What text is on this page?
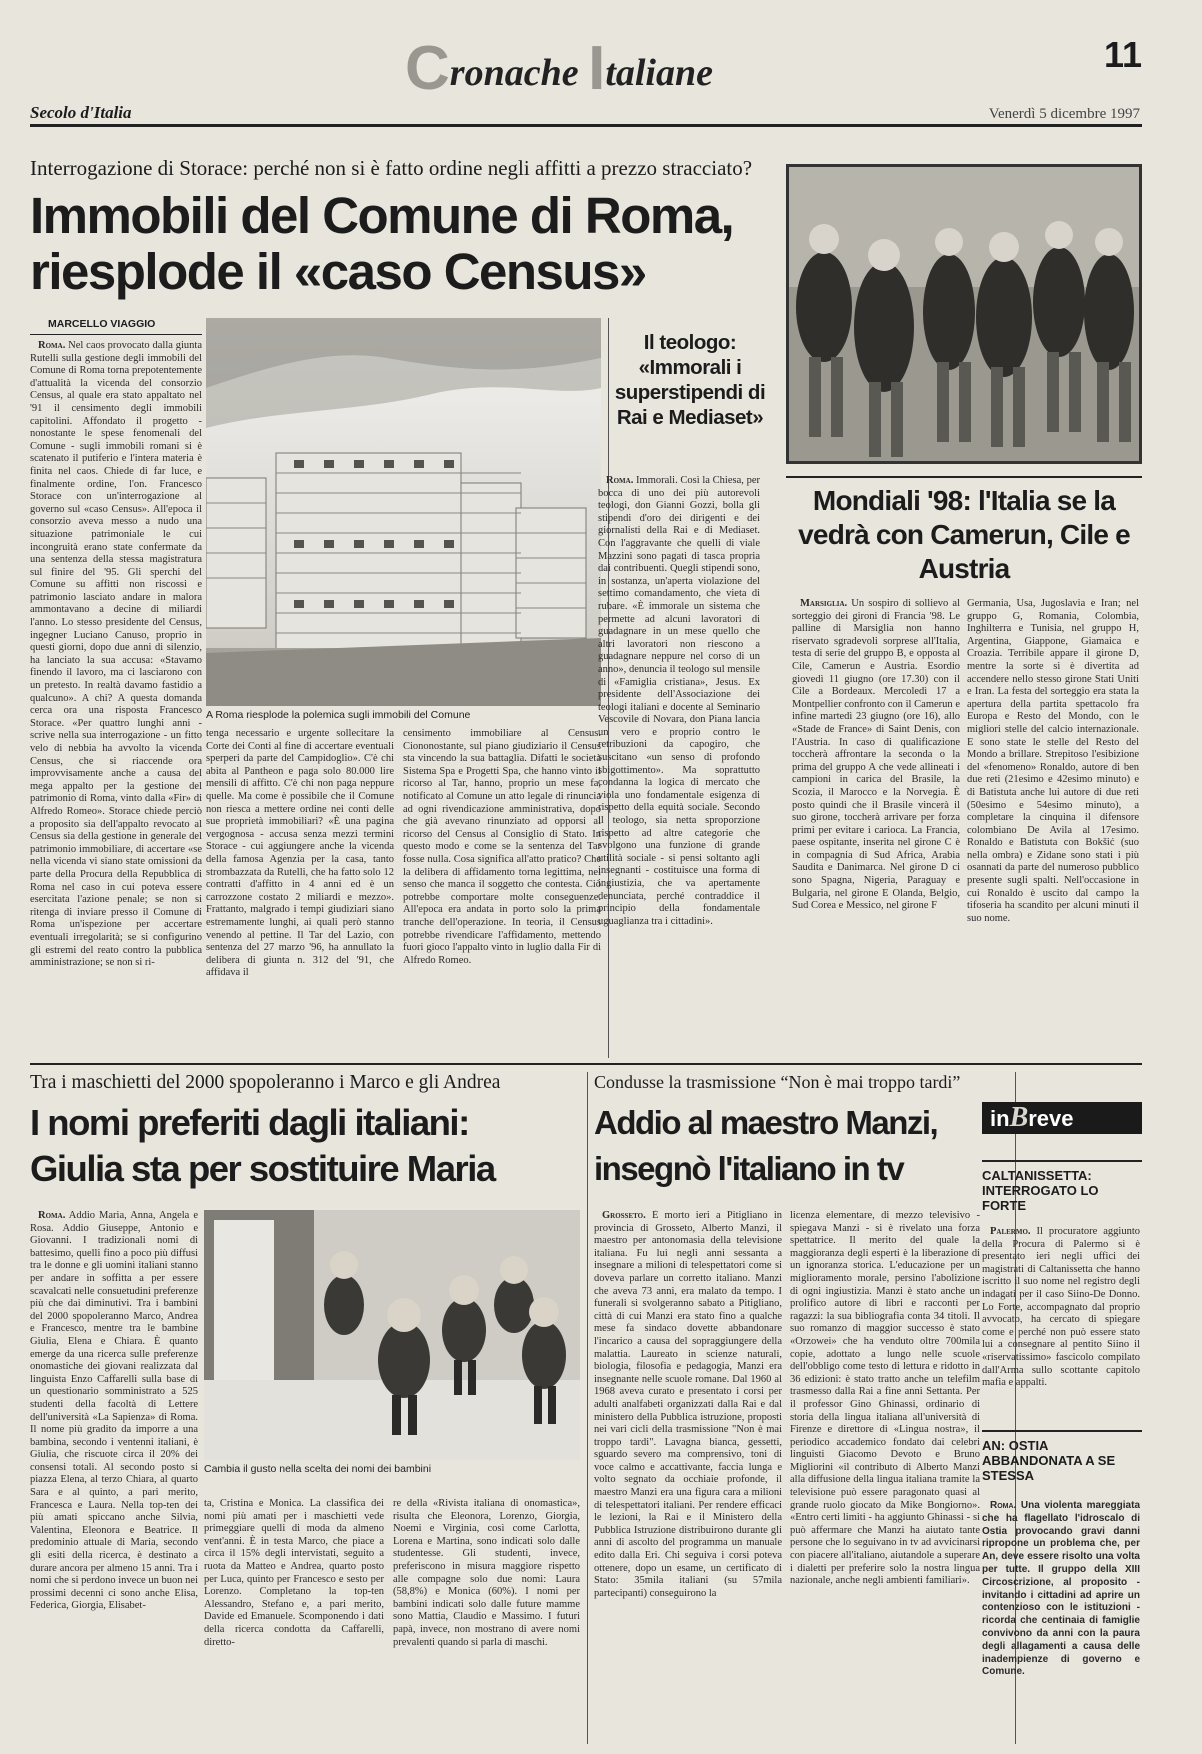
Cronache Italiane	11
Secolo d'Italia	Venerdì 5 dicembre 1997
Interrogazione di Storace: perché non si è fatto ordine negli affitti a prezzo stracciato?
Immobili del Comune di Roma,
riesplode il «caso Census»
MARCELLO VIAGGIO

Roma. Nel caos provocato dalla giunta Rutelli sulla gestione degli immobili del Comune di Roma torna prepotentemente d'attualità la vicenda del consorzio Census, al quale era stato appaltato nel '91 il censimento degli immobili capitolini. Affondato il progetto - nonostante le spese fenomenali del Comune - sugli immobili romani si è scatenato il putiferio e l'intera materia è finita nel caos. Chiede di far luce, e finalmente ordine, l'on. Francesco Storace con un'interrogazione al governo sul «caso Census». All'epoca il consorzio aveva messo a nudo una situazione patrimoniale le cui incongruità erano state confermate da una sentenza della stessa magistratura sul finire del '95. Gli sperchi del Comune su affitti non riscossi e patrimonio lasciato andare in malora ammontavano a decine di miliardi l'anno. Lo stesso presidente del Census, ingegner Luciano Canuso, proprio in questi giorni, dopo due anni di silenzio, ha lanciato la sua accusa: «Stavamo finendo il lavoro, ma ci lasciarono con un pretesto. In realtà davamo fastidio a qualcuno». A chi? A questa domanda cerca ora una risposta Francesco Storace. «Per quattro lunghi anni - scrive nella sua interrogazione - un fitto velo di nebbia ha avvolto la vicenda Census, che si riaccende ora improvvisamente anche a causa del mega appalto per la gestione del patrimonio di Roma, vinto dalla «Fir» di Alfredo Romeo». Storace chiede perciò a proposito sia dell'appalto revocato al Census sia della gestione in generale del patrimonio immobiliare, di accertare «se nella vicenda vi siano state omissioni da parte della Procura della Repubblica di Roma nel caso in cui poteva essere esercitata l'azione penale; se non si ritenga di inviare presso il Comune di Roma un'ispezione per accertare eventuali irregolarità; se si configurino gli estremi del reato contro la pubblica amministrazione; se non si ri-

A Roma riesplode la polemica sugli immobili del Comune
tenga necessario e urgente sollecitare la Corte dei Conti al fine di accertare eventuali sperperi da parte del Campidoglio». C'è chi abita al Pantheon e paga solo 80.000 lire mensili di affitto. C'è chi non paga neppure quelle. Ma come è possibile che il Comune non riesca a mettere ordine nei conti delle sue proprietà immobiliari? «È una pagina vergognosa - accusa senza mezzi termini Storace - cui aggiungere anche la vicenda della famosa Agenzia per la casa, tanto strombazzata da Rutelli, che ha fatto solo 12 contratti d'affitto in 4 anni ed è un carrozzone costato 2 miliardi e mezzo». Frattanto, malgrado i tempi giudiziari siano estremamente lunghi, ai quali però stanno venendo al pettine. Il Tar del Lazio, con sentenza del 27 marzo '96, ha annullato la delibera di giunta n. 312 del '91, che affidava il
censimento immobiliare al Census. Ciononostante, sul piano giudiziario il Census sta vincendo la sua battaglia. Difatti le società Sistema Spa e Progetti Spa, che hanno vinto il ricorso al Tar, hanno, proprio un mese fa, notificato al Comune un atto legale di rinuncia ad ogni rivendicazione amministrativa, dopo che già avevano rinunziato ad opporsi al ricorso del Census al Consiglio di Stato. In questo modo e come se la sentenza del Tar fosse nulla. Cosa significa all'atto pratico? Che la delibera di affidamento torna legittima, nel senso che manca il soggetto che contesta. Ciò potrebbe comportare molte conseguenze. All'epoca era andata in porto solo la prima tranche dell'operazione. In teoria, il Census potrebbe rivendicare l'affidamento, mettendo fuori gioco l'appalto vinto in luglio dalla Fir di Alfredo Romeo.
Il teologo: «Immorali i superstipendi di Rai e Mediaset»

Roma. Immorali. Così la Chiesa, per bocca di uno dei più autorevoli teologi, don Gianni Gozzi, bolla gli stipendi d'oro dei dirigenti e dei giornalisti della Rai e di Mediaset. Con l'aggravante che quelli di viale Mazzini sono pagati di tasca propria dai contribuenti. Quegli stipendi sono, in sostanza, un'aperta violazione del settimo comandamento, che vieta di rubare. «È immorale un sistema che permette ad alcuni lavoratori di guadagnare in un mese quello che altri lavoratori non riescono a guadagnare neppure nel corso di un anno», denuncia il teologo sul mensile di «Famiglia cristiana», Jesus. Ex presidente dell'Associazione dei teologi italiani e docente al Seminario Vescovile di Novara, don Piana lancia un vero e proprio contro le retribuzioni da capogiro, che suscitano «un senso di profondo sbigottimento». Ma soprattutto condanna la logica di mercato che viola uno fondamentale esigenza di rispetto della equità sociale. Secondo il teologo, sia netta sproporzione rispetto ad altre categorie che svolgono una funzione di grande utilità sociale - si pensi soltanto agli insegnanti - costituisce una forma di ingiustizia, che va apertamente denunciata, perché contraddice il principio della fondamentale uguaglianza tra i cittadini».

Mondiali '98: l'Italia se la vedrà con Camerun, Cile e Austria

Marsiglia. Un sospiro di sollievo al sorteggio dei gironi di Francia '98. Le palline di Marsiglia non hanno riservato sgradevoli sorprese all'Italia, testa di serie del gruppo B, e opposta al Cile, Camerun e Austria. Esordio giovedì 11 giugno (ore 17.30) con il Cile a Bordeaux. Mercoledì 17 a Montpellier confronto con il Camerun e infine martedì 23 giugno (ore 16), allo «Stade de France» di Saint Denis, con l'Austria. In caso di qualificazione toccherà affrontare la seconda o la prima del gruppo A che vede allineati i campioni in carica del Brasile, la Scozia, il Marocco e la Norvegia. È posto quindi che il Brasile vincerà il suo girone, toccherà arrivare per forza primi per evitare i carioca. La Francia, paese ospitante, inserita nel girone C è in compagnia di Sud Africa, Arabia Saudita e Danimarca. Nel girone D ci sono Spagna, Nigeria, Paraguay e Bulgaria, nel girone E Olanda, Belgio, Sud Corea e Messico, nel girone F

Germania, Usa, Jugoslavia e Iran; nel gruppo G, Romania, Colombia, Inghilterra e Tunisia, nel gruppo H, Argentina, Giappone, Giamaica e Croazia. Terribile appare il girone D, mentre la sorte si è divertita ad accendere nello stesso girone Stati Uniti e Iran. La festa del sorteggio era stata la apertura della partita spettacolo fra Europa e Resto del Mondo, con le migliori stelle del calcio internazionale. E sono state le stelle del Resto del Mondo a brillare. Strepitoso l'esibizione del «fenomeno» Ronaldo, autore di ben due reti (21esimo e 42esimo minuto) e di Batistuta anche lui autore di due reti (50esimo e 54esimo minuto), a completare la cinquina il difensore colombiano De Avila al 17esimo. Ronaldo e Batistuta con Bokšić (suo nella ombra) e Zidane sono stati i più osannati da parte del numeroso pubblico presente sugli spalti. Nell'occasione in cui Ronaldo è uscito dal campo la tifoseria ha scandito per alcuni minuti il suo nome.
Tra i maschietti del 2000 spopoleranno i Marco e gli Andrea
I nomi preferiti dagli italiani:
Giulia sta per sostituire Maria

Roma. Addio Maria, Anna, Angela e Rosa. Addio Giuseppe, Antonio e Giovanni. I tradizionali nomi di battesimo, quelli fino a poco più diffusi tra le donne e gli uomini italiani stanno per andare in soffitta a per essere scavalcati nelle consuetudini preferenze più che dai diminutivi. Tra i bambini del 2000 spopoleranno Marco, Andrea e Francesco, mentre tra le bambine Giulia, Elena e Chiara. È quanto emerge da una ricerca sulle preferenze onomastiche dei giovani realizzata dal linguista Enzo Caffarelli sulla base di un questionario somministrato a 525 studenti della facoltà di Lettere dell'università «La Sapienza» di Roma. Il nome più gradito da imporre a una bambina, secondo i ventenni italiani, è Giulia, che riscuote circa il 20% dei consensi totali. Al secondo posto si piazza Elena, al terzo Chiara, al quarto Sara e al quinto, a pari merito, Francesca e Laura. Nella top-ten dei più amati spiccano anche Silvia, Valentina, Eleonora e Beatrice. Il predominio attuale di Maria, secondo gli esiti della ricerca, è destinato a durare ancora per almeno 15 anni. Tra i nomi che si perdono invece un buon nei prossimi decenni ci sono anche Elisa, Federica, Giorgia, Elisabet-

Cambia il gusto nella scelta dei nomi dei bambini
ta, Cristina e Monica. La classifica dei nomi più amati per i maschietti vede primeggiare quelli di moda da almeno vent'anni. È in testa Marco, che piace a circa il 15% degli intervistati, seguito a ruota da Matteo e Andrea, quarto posto per Luca, quinto per Francesco e sesto per Lorenzo. Completano la top-ten Alessandro, Stefano e, a pari merito, Davide ed Emanuele. Scomponendo i dati della ricerca condotta da Caffarelli, diretto-
re della «Rivista italiana di onomastica», risulta che Eleonora, Lorenzo, Giorgia, Noemi e Virginia, così come Carlotta, Lorena e Martina, sono indicati solo dalle studentesse. Gli studenti, invece, preferiscono in misura maggiore rispetto alle compagne solo due nomi: Laura (58,8%) e Monica (60%). I nomi per bambini indicati solo dalle future mamme sono Mattia, Claudio e Massimo. I futuri papà, invece, non mostrano di avere nomi prevalenti quando si parla di maschi.
Condusse la trasmissione “Non è mai troppo tardi”
Addio al maestro Manzi,
insegnò l'italiano in tv

Grosseto. È morto ieri a Pitigliano in provincia di Grosseto, Alberto Manzi, il maestro per antonomasia della televisione italiana. Fu lui negli anni sessanta a insegnare a milioni di telespettatori come si doveva parlare un corretto italiano. Manzi che aveva 73 anni, era malato da tempo. I funerali si svolgeranno sabato a Pitigliano, città di cui Manzi era stato fino a qualche mese fa sindaco dovette abbandonare l'incarico a causa del sopraggiungere della malattia. Laureato in scienze naturali, biologia, filosofia e pedagogia, Manzi era insegnante nelle scuole romane. Dal 1960 al 1968 aveva curato e presentato i corsi per adulti analfabeti organizzati dalla Rai e dal ministero della Pubblica istruzione, proposti nei vari cicli della trasmissione "Non è mai troppo tardi". Lavagna bianca, gessetti, sguardo severo ma comprensivo, toni di voce calmo e accattivante, faccia lunga e volto segnato da occhiaie profonde, il maestro Manzi era una figura cara a milioni di telespettatori italiani. Per rendere efficaci le lezioni, la Rai e il Ministero della Pubblica Istruzione distribuirono durante gli anni di ascolto del programma un manuale edito dalla Eri. Chi seguiva i corsi poteva ottenere, dopo un esame, un certificato di Stato: 35mila italiani (su 57mila partecipanti) conseguirono la

licenza elementare, di mezzo televisivo - spiegava Manzi - si è rivelato una forza spettatrice. Il merito del quale la maggioranza degli esperti è la liberazione di un ignoranza storica. L'educazione per un miglioramento morale, persino l'abolizione di ogni ingiustizia. Manzi è stato anche un prolifico autore di libri e racconti per ragazzi: la sua bibliografia conta 34 titoli. Il suo romanzo di maggior successo è stato «Orzowei» che ha venduto oltre 700mila copie, adottato a lungo nelle scuole dell'obbligo come testo di lettura e ridotto in 36 edizioni: è stato tratto anche un telefilm trasmesso dalla Rai a fine anni Settanta. Per il professor Gino Ghinassi, ordinario di storia della lingua italiana all'università di Firenze e direttore di «Lingua nostra», il periodico accademico fondato dai celebri linguisti Giacomo Devoto e Bruno Migliorini «il contributo di Alberto Manzi alla diffusione della lingua italiana tramite la televisione può essere paragonato quasi al grande ruolo giocato da Mike Bongiorno». «Entro certi limiti - ha aggiunto Ghinassi - si può affermare che Manzi ha aiutato tante persone che lo seguivano in tv ad avvicinarsi con piacere all'italiano, aiutandole a superare i dialetti per preferire solo la nostra lingua nazionale, anche negli ambienti familiari».
inBreve
CALTANISSETTA: INTERROGATO LO FORTE

Palermo. Il procuratore aggiunto della Procura di Palermo si è presentato ieri negli uffici dei magistrati di Caltanissetta che hanno iscritto il suo nome nel registro degli indagati per il caso Siino-De Donno. Lo Forte, accompagnato dal proprio avvocato, ha cercato di spiegare come e perché non può essere stato lui a consegnare al pentito Siino il «riservatissimo» fascicolo compilato dall'Arma sullo scottante capitolo mafia e appalti.

AN: OSTIA ABBANDONATA A SE STESSA

Roma. Una violenta mareggiata che ha flagellato l'idroscalo di Ostia provocando gravi danni ripropone un problema che, per An, deve essere risolto una volta per tutte. Il gruppo della XIII Circoscrizione, al proposito - invitando i cittadini ad aprire un contenzioso con le istituzioni - ricorda che centinaia di famiglie convivono da anni con la paura degli allagamenti a causa delle inadempienze di governo e Comune.
